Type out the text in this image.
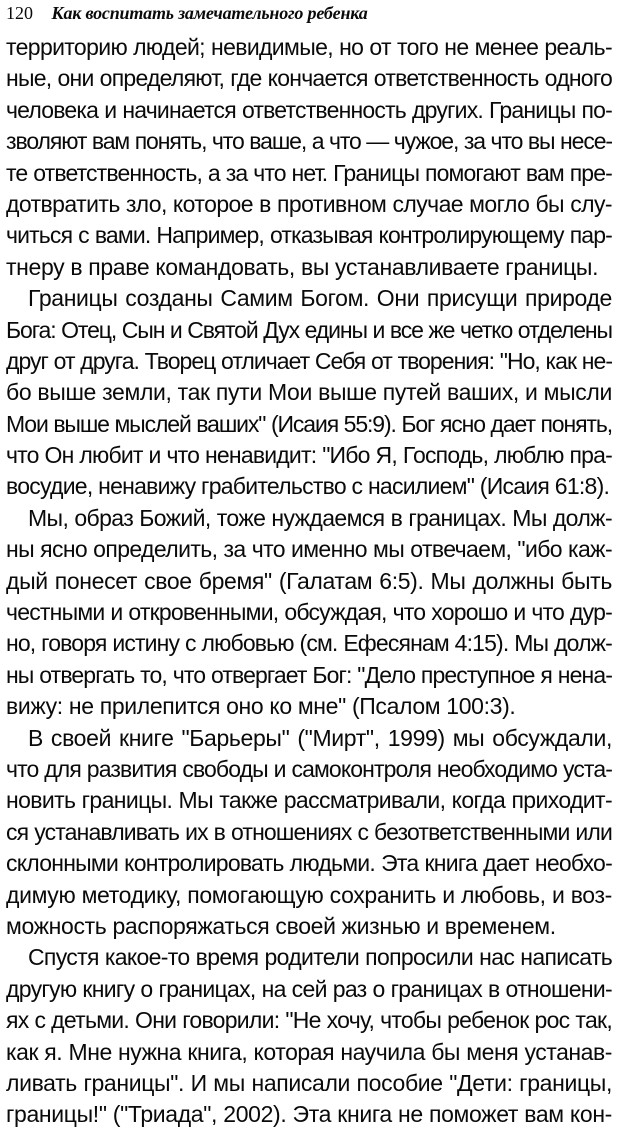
120 Как воспитать замечательного ребенка
территорию людей; невидимые, но от того не менее реаль-
ные, они определяют, где кончается ответственность одного
человека и начинается ответственность других. Границы по-
зволяют вам понять, что ваше, а что — чужое, за что вы несе-
те ответственность, а за что нет. Границы помогают вам пре-
дотвратить зло, которое в противном случае могло бы слу-
читься с вами. Например, отказывая контролирующему пар-
тнеру в праве командовать, вы устанавливаете границы.
Границы созданы Самим Богом. Они присущи природе
Бога: Отец, Сын и Святой Дух едины и все же четко отделены
друг от друга. Творец отличает Себя от творения: "Но, как не-
бо выше земли, так пути Мои выше путей ваших, и мысли
Мои выше мыслей ваших" (Исаия 55:9). Бог ясно дает понять,
что Он любит и что ненавидит: "Ибо Я, Господь, люблю пра-
восудие, ненавижу грабительство с насилием" (Исаия 61:8).
Мы, образ Божий, тоже нуждаемся в границах. Мы долж-
ны ясно определить, за что именно мы отвечаем, "ибо каж-
дый понесет свое бремя" (Галатам 6:5). Мы должны быть
честными и откровенными, обсуждая, что хорошо и что дур-
но, говоря истину с любовью (см. Ефесянам 4:15). Мы долж-
ны отвергать то, что отвергает Бог: "Дело преступное я нена-
вижу: не прилепится оно ко мне" (Псалом 100:3).
В своей книге "Барьеры" ("Мирт", 1999) мы обсуждали,
что для развития свободы и самоконтроля необходимо уста-
новить границы. Мы также рассматривали, когда приходит-
ся устанавливать их в отношениях с безответственными или
склонными контролировать людьми. Эта книга дает необхо-
димую методику, помогающую сохранить и любовь, и воз-
можность распоряжаться своей жизнью и временем.
Спустя какое-то время родители попросили нас написать
другую книгу о границах, на сей раз о границах в отношени-
ях с детьми. Они говорили: "Не хочу, чтобы ребенок рос так,
как я. Мне нужна книга, которая научила бы меня устанав-
ливать границы". И мы написали пособие "Дети: границы,
границы!" ("Триада", 2002). Эта книга не поможет вам кон-
